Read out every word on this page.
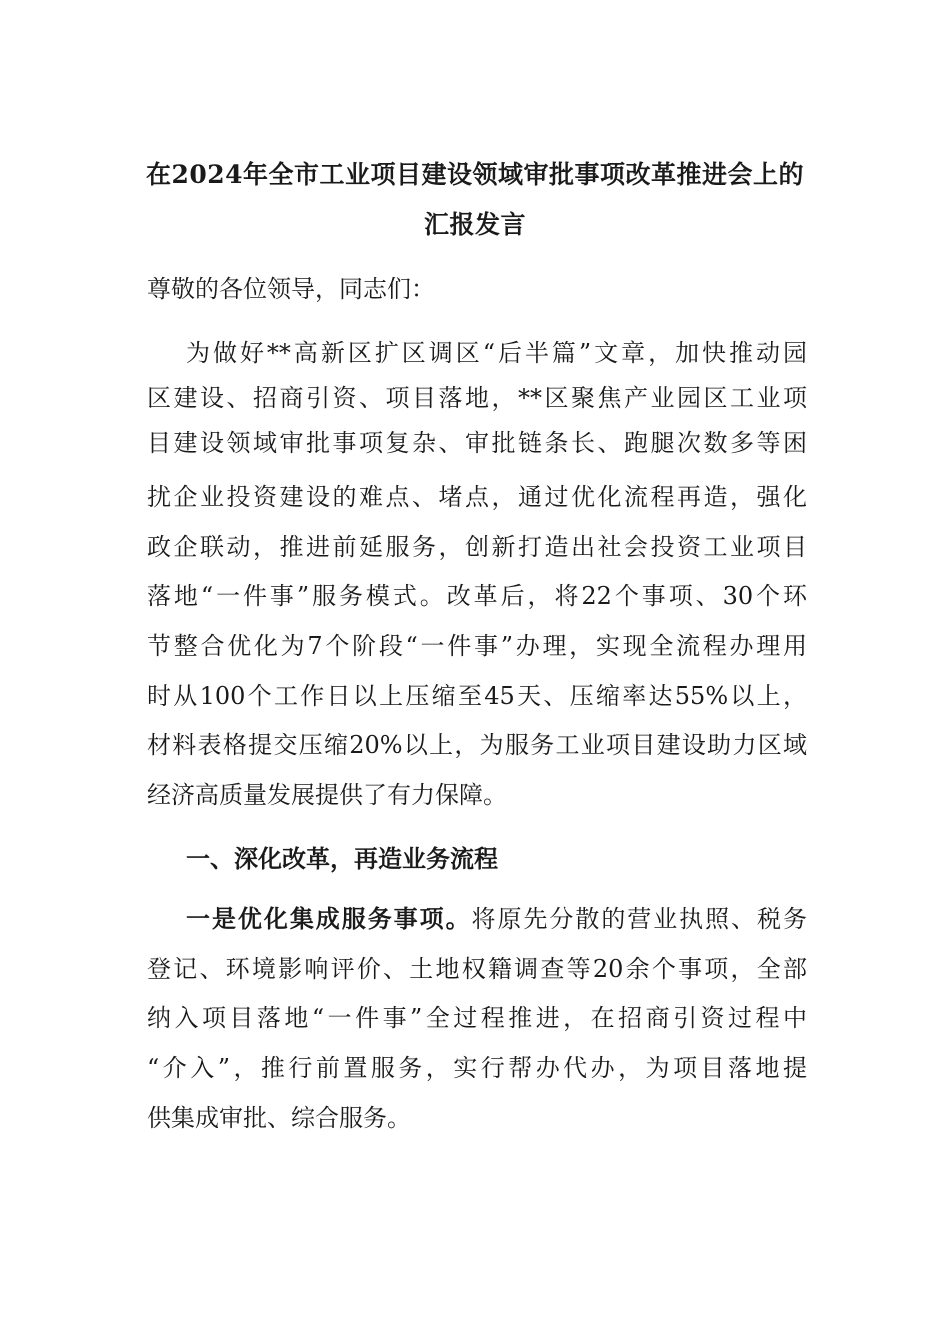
在2024年全市工业项目建设领域审批事项改革推进会上的
汇报发言
尊敬的各位领导，同志们：
为做好**高新区扩区调区“后半篇”文章，加快推动园
区建设、招商引资、项目落地，**区聚焦产业园区工业项
目建设领域审批事项复杂、审批链条长、跑腿次数多等困
扰企业投资建设的难点、堵点，通过优化流程再造，强化
政企联动，推进前延服务，创新打造出社会投资工业项目
落地“一件事”服务模式。改革后，将22个事项、30个环
节整合优化为7个阶段“一件事”办理，实现全流程办理用
时从100个工作日以上压缩至45天、压缩率达55%以上，
材料表格提交压缩20%以上，为服务工业项目建设助力区域
经济高质量发展提供了有力保障。
一、深化改革，再造业务流程
一是优化集成服务事项。将原先分散的营业执照、税务
登记、环境影响评价、土地权籍调查等20余个事项，全部
纳入项目落地“一件事”全过程推进，在招商引资过程中
“介入”，推行前置服务，实行帮办代办，为项目落地提
供集成审批、综合服务。
